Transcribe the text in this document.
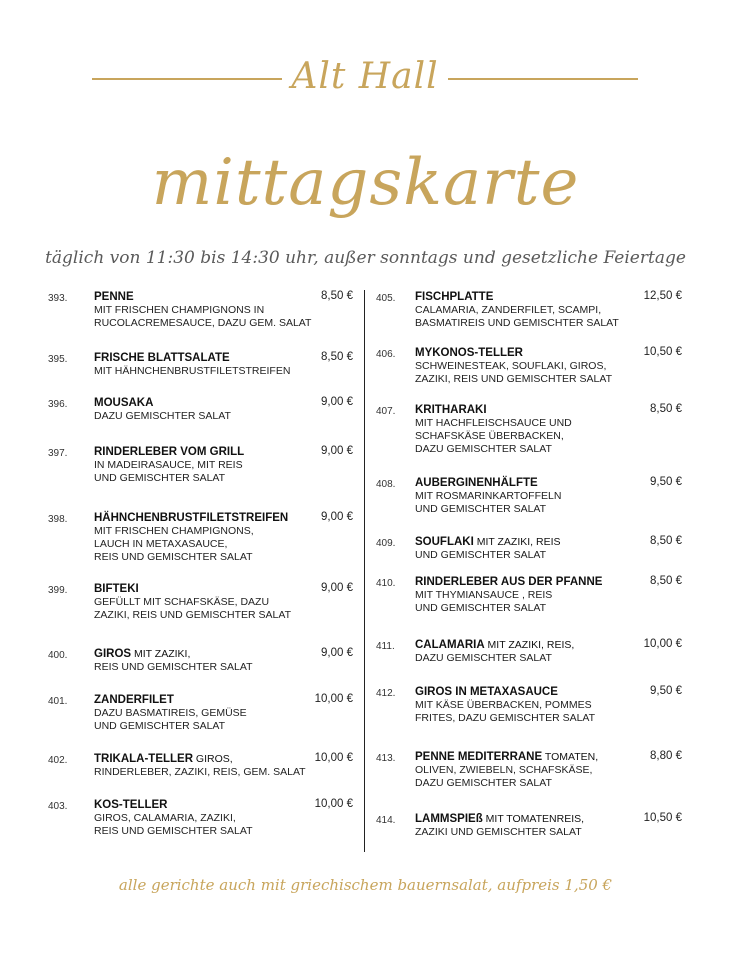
Alt Hall
mittagskarte
täglich von 11:30 bis 14:30 uhr, außer sonntags und gesetzliche Feiertage
393.	PENNE
MIT FRISCHEN CHAMPIGNONS IN
RUCOLACREMESAUCE, DAZU GEM. SALAT
8,50 €
395.	FRISCHE BLATTSALATE
MIT HÄHNCHENBRUSTFILETSTREIFEN
8,50 €
396.	MOUSAKA
DAZU GEMISCHTER SALAT
9,00 €
397.	RINDERLEBER VOM GRILL
IN MADEIRASAUCE, MIT REIS
UND GEMISCHTER SALAT
9,00 €
398.	HÄHNCHENBRUSTFILETSTREIFEN
MIT FRISCHEN CHAMPIGNONS,
LAUCH IN METAXASAUCE,
REIS UND GEMISCHTER SALAT
9,00 €
399.	BIFTEKI
GEFÜLLT MIT SCHAFSKÄSE, DAZU
ZAZIKI, REIS UND GEMISCHTER SALAT
9,00 €
400.	GIROS MIT ZAZIKI,
REIS UND GEMISCHTER SALAT
9,00 €
401.	ZANDERFILET
DAZU BASMATIREIS, GEMÜSE
UND GEMISCHTER SALAT
10,00 €
402.	TRIKALA-TELLER GIROS,
RINDERLEBER, ZAZIKI, REIS, GEM. SALAT
10,00 €
403.	KOS-TELLER
GIROS, CALAMARIA, ZAZIKI,
REIS UND GEMISCHTER SALAT
10,00 €
405.	FISCHPLATTE
CALAMARIA, ZANDERFILET, SCAMPI,
BASMATIREIS UND GEMISCHTER SALAT
12,50 €
406.	MYKONOS-TELLER
SCHWEINESTEAK, SOUFLAKI, GIROS,
ZAZIKI, REIS UND GEMISCHTER SALAT
10,50 €
407.	KRITHARAKI
MIT HACHFLEISCHSAUCE UND
SCHAFSKÄSE ÜBERBACKEN,
DAZU GEMISCHTER SALAT
8,50 €
408.	AUBERGINENHÄLFTE
MIT ROSMARINKARTOFFELN
UND GEMISCHTER SALAT
9,50 €
409.	SOUFLAKI MIT ZAZIKI, REIS
UND GEMISCHTER SALAT
8,50 €
410.	RINDERLEBER AUS DER PFANNE
MIT THYMIANSAUCE , REIS
UND GEMISCHTER SALAT
8,50 €
411.	CALAMARIA MIT ZAZIKI, REIS,
DAZU GEMISCHTER SALAT
10,00 €
412.	GIROS IN METAXASAUCE
MIT KÄSE ÜBERBACKEN, POMMES
FRITES, DAZU GEMISCHTER SALAT
9,50 €
413.	PENNE MEDITERRANE TOMATEN,
OLIVEN, ZWIEBELN, SCHAFSKÄSE,
DAZU GEMISCHTER SALAT
8,80 €
414.	LAMMSPIEß MIT TOMATENREIS,
ZAZIKI UND GEMISCHTER SALAT
10,50 €
alle gerichte auch mit griechischem bauernsalat, aufpreis 1,50 €
